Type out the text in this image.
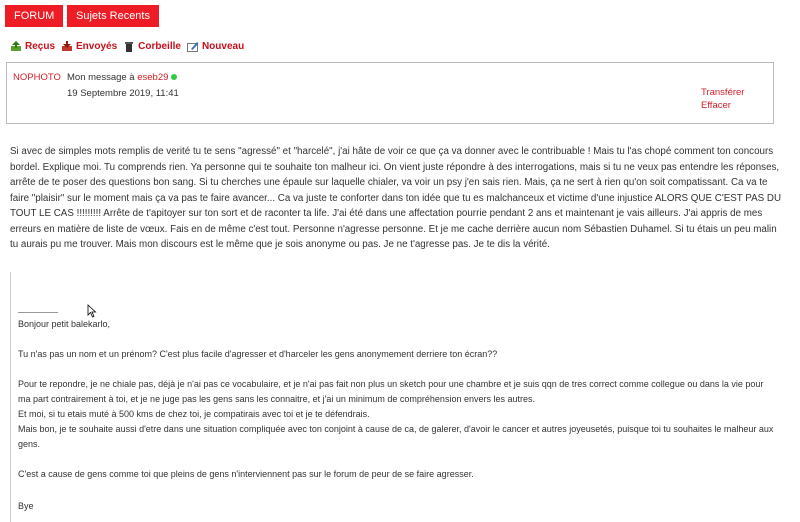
FORUM	Sujets Recents
Reçus Envoyés Corbeille Nouveau
NOPHOTO Mon message à eseb29
19 Septembre 2019, 11:41	Transférer
Effacer
Si avec de simples mots remplis de verité tu te sens "agressé" et "harcelé", j'ai hâte de voir ce que ça va donner avec le contribuable ! Mais tu l'as chopé comment ton concours bordel. Explique moi. Tu comprends rien. Ya personne qui te souhaite ton malheur ici. On vient juste répondre à des interrogations, mais si tu ne veux pas entendre les réponses, arrête de te poser des questions bon sang. Si tu cherches une épaule sur laquelle chialer, va voir un psy j'en sais rien. Mais, ça ne sert à rien qu'on soit compatissant. Ca va te faire "plaisir" sur le moment mais ça va pas te faire avancer... Ca va juste te conforter dans ton idée que tu es malchanceux et victime d'une injustice ALORS QUE C'EST PAS DU TOUT LE CAS !!!!!!!!! Arrête de t'apitoyer sur ton sort et de raconter ta life. J'ai été dans une affectation pourrie pendant 2 ans et maintenant je vais ailleurs. J'ai appris de mes erreurs en matière de liste de vœux. Fais en de même c'est tout. Personne n'agresse personne. Et je me cache derrière aucun nom Sébastien Duhamel. Si tu étais un peu malin tu aurais pu me trouver. Mais mon discours est le même que je sois anonyme ou pas. Je ne t'agresse pas. Je te dis la vérité.

Bonjour petit balekarlo,

Tu n'as pas un nom et un prénom? C'est plus facile d'agresser et d'harceler les gens anonymement derriere ton écran??

Pour te repondre, je ne chiale pas, déjà je n'ai pas ce vocabulaire, et je n'ai pas fait non plus un sketch pour une chambre et je suis qqn de tres correct comme collegue ou dans la vie pour ma part contrairement à toi, et je ne juge pas les gens sans les connaitre, et j'ai un minimum de compréhension envers les autres.

Et moi, si tu etais muté à 500 kms de chez toi, je compatirais avec toi et je te défendrais.

Mais bon, je te souhaite aussi d'etre dans une situation compliquée avec ton conjoint à cause de ca, de galerer, d'avoir le cancer et autres joyeusetés, puisque toi tu souhaites le malheur aux gens.

C'est a cause de gens comme toi que pleins de gens n'interviennent pas sur le forum de peur de se faire agresser.

Bye
